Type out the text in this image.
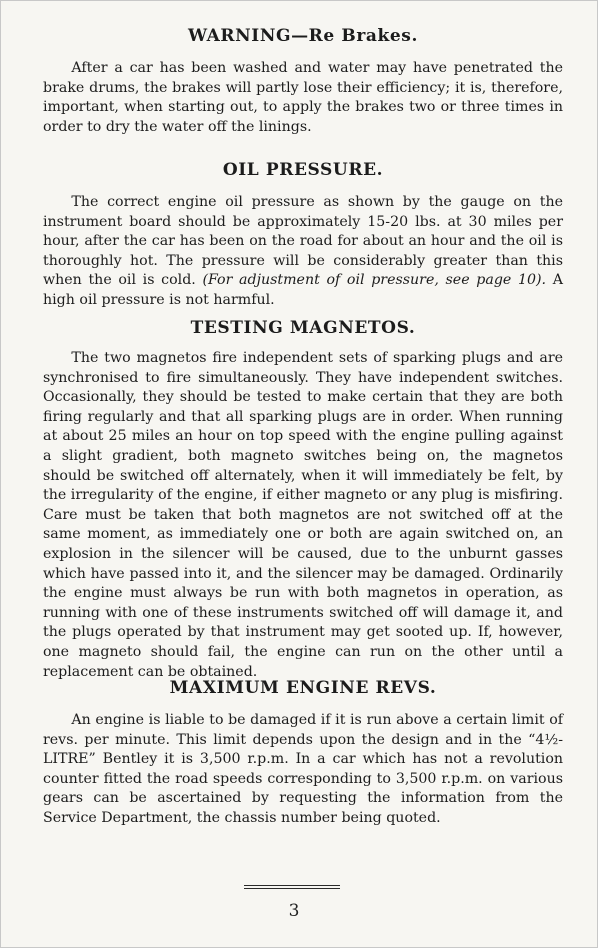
WARNING—Re Brakes.

After a car has been washed and water may have penetrated the brake drums, the brakes will partly lose their efficiency; it is, therefore, important, when starting out, to apply the brakes two or three times in order to dry the water off the linings.

OIL PRESSURE.

The correct engine oil pressure as shown by the gauge on the instrument board should be approximately 15-20 lbs. at 30 miles per hour, after the car has been on the road for about an hour and the oil is thoroughly hot. The pressure will be considerably greater than this when the oil is cold. (For adjustment of oil pressure, see page 10). A high oil pressure is not harmful.

TESTING MAGNETOS.

The two magnetos fire independent sets of sparking plugs and are synchronised to fire simultaneously. They have independent switches. Occasionally, they should be tested to make certain that they are both firing regularly and that all sparking plugs are in order. When running at about 25 miles an hour on top speed with the engine pulling against a slight gradient, both magneto switches being on, the magnetos should be switched off alternately, when it will immediately be felt, by the irregularity of the engine, if either magneto or any plug is misfiring. Care must be taken that both magnetos are not switched off at the same moment, as immediately one or both are again switched on, an explosion in the silencer will be caused, due to the unburnt gasses which have passed into it, and the silencer may be damaged. Ordinarily the engine must always be run with both magnetos in operation, as running with one of these instruments switched off will damage it, and the plugs operated by that instrument may get sooted up. If, however, one magneto should fail, the engine can run on the other until a replacement can be obtained.

MAXIMUM ENGINE REVS.

An engine is liable to be damaged if it is run above a certain limit of revs. per minute. This limit depends upon the design and in the “4½-LITRE” Bentley it is 3,500 r.p.m. In a car which has not a revolution counter fitted the road speeds corresponding to 3,500 r.p.m. on various gears can be ascertained by requesting the information from the Service Department, the chassis number being quoted.

3
